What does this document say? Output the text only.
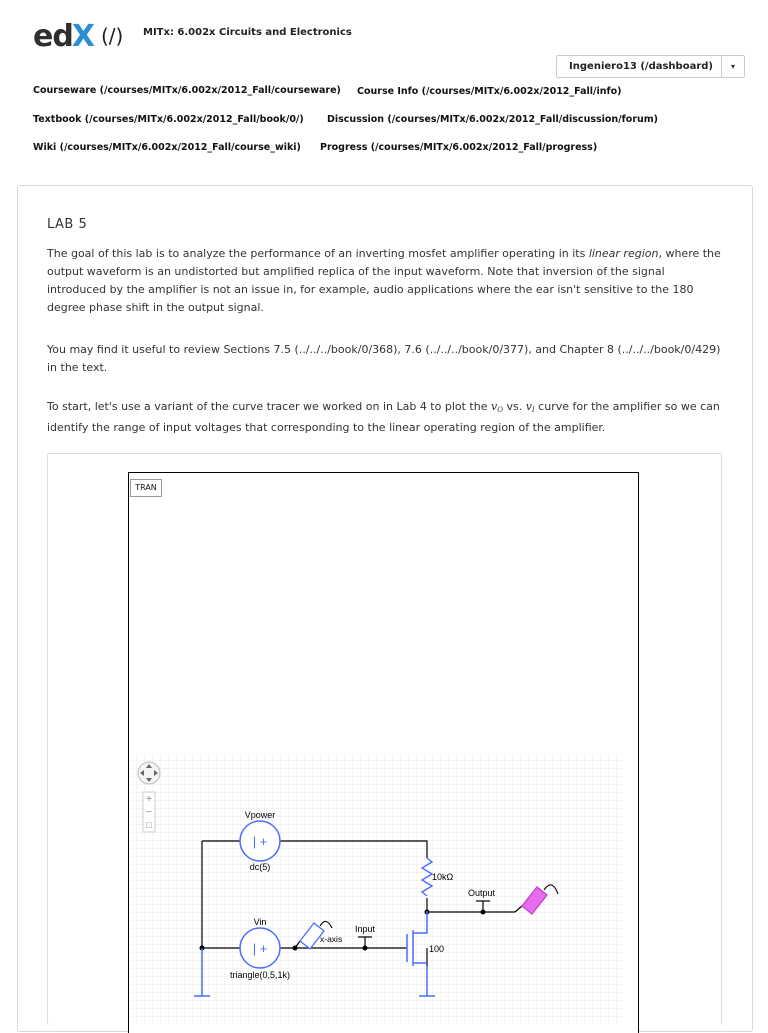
ed X (/) MITx: 6.002x Circuits and Electronics
Ingeniero13 (/dashboard)	▾
Courseware (/courses/MITx/6.002x/2012_Fall/courseware) Course Info (/courses/MITx/6.002x/2012_Fall/info)
Textbook (/courses/MITx/6.002x/2012_Fall/book/0/) Discussion (/courses/MITx/6.002x/2012_Fall/discussion/forum)
Wiki (/courses/MITx/6.002x/2012_Fall/course_wiki) Progress (/courses/MITx/6.002x/2012_Fall/progress)
LAB 5
The goal of this lab is to analyze the performance of an inverting mosfet amplifier operating in its linear region, where the output waveform is an undistorted but amplified replica of the input waveform. Note that inversion of the signal introduced by the amplifier is not an issue in, for example, audio applications where the ear isn't sensitive to the 180 degree phase shift in the output signal.
You may find it useful to review Sections 7.5 (../../../book/0/368), 7.6 (../../../book/0/377), and Chapter 8 (../../../book/0/429) in the text.
To start, let's use a variant of the curve tracer we worked on in Lab 4 to plot the $v_O$ vs. $v_I$ curve for the amplifier so we can identify the range of input voltages that corresponding to the linear operating region of the amplifier.
TRAN
+
−
□
| +
Vpower
dc(5)
| +
Vin
triangle(0,5,1k)
10kΩ
100
Input
Output
x-axis
